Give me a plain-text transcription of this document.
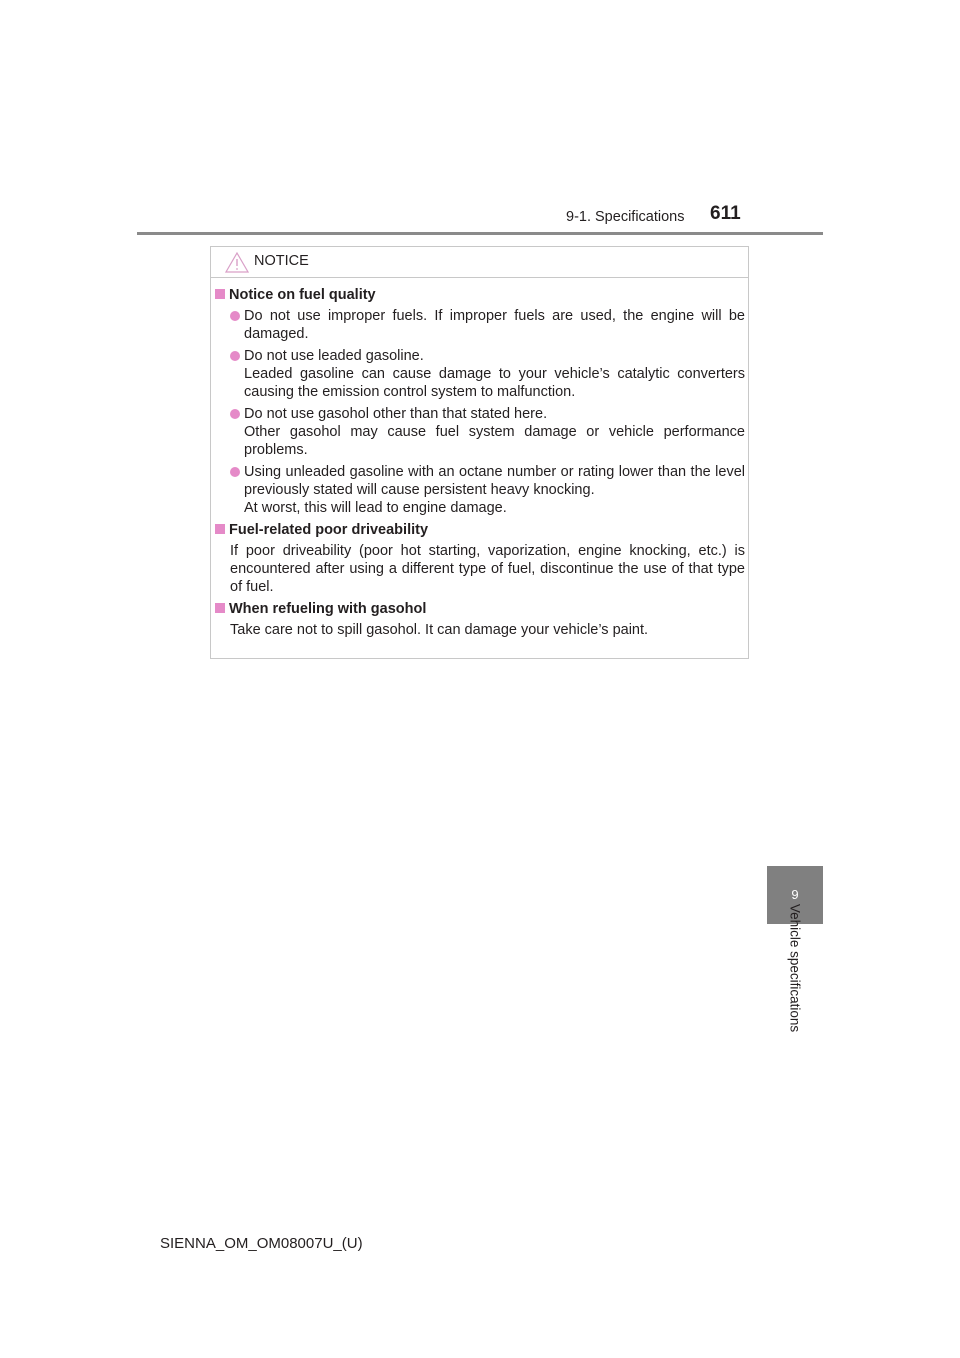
9-1. Specifications 611
NOTICE
Notice on fuel quality
Do not use improper fuels. If improper fuels are used, the engine will be damaged.
Do not use leaded gasoline.
Leaded gasoline can cause damage to your vehicle’s catalytic converters causing the emission control system to malfunction.
Do not use gasohol other than that stated here.
Other gasohol may cause fuel system damage or vehicle performance problems.
Using unleaded gasoline with an octane number or rating lower than the level previously stated will cause persistent heavy knocking.
At worst, this will lead to engine damage.
Fuel-related poor driveability
If poor driveability (poor hot starting, vaporization, engine knocking, etc.) is encountered after using a different type of fuel, discontinue the use of that type of fuel.
When refueling with gasohol
Take care not to spill gasohol. It can damage your vehicle’s paint.
9
Vehicle specifications
SIENNA_OM_OM08007U_(U)
